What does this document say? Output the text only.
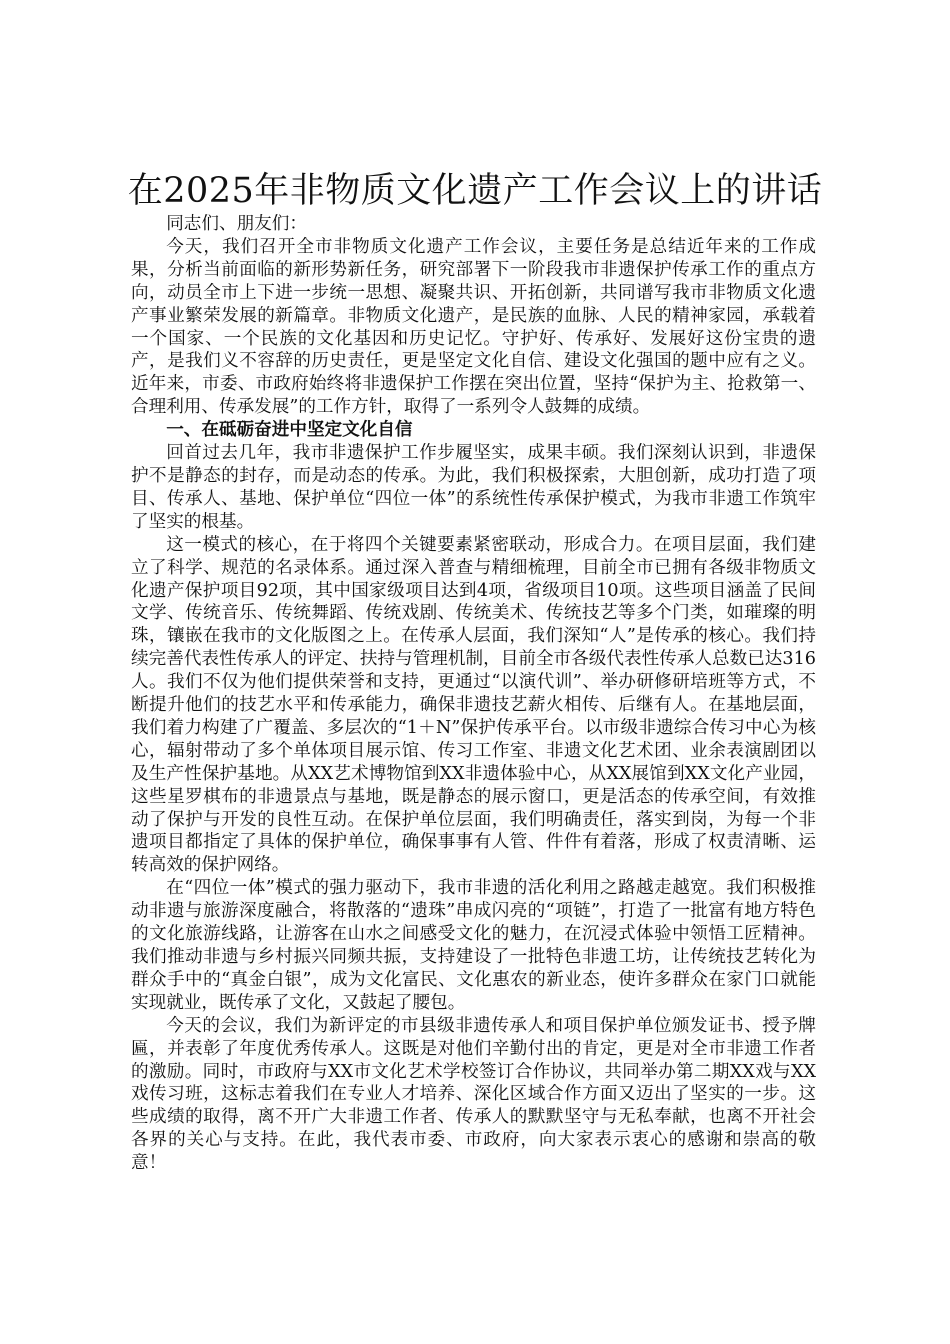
在2025年非物质文化遗产工作会议上的讲话

同志们、朋友们：

今天，我们召开全市非物质文化遗产工作会议，主要任务是总结近年来的工作成果，分析当前面临的新形势新任务，研究部署下一阶段我市非遗保护传承工作的重点方向，动员全市上下进一步统一思想、凝聚共识、开拓创新，共同谱写我市非物质文化遗产事业繁荣发展的新篇章。非物质文化遗产，是民族的血脉、人民的精神家园，承载着一个国家、一个民族的文化基因和历史记忆。守护好、传承好、发展好这份宝贵的遗产，是我们义不容辞的历史责任，更是坚定文化自信、建设文化强国的题中应有之义。近年来，市委、市政府始终将非遗保护工作摆在突出位置，坚持“保护为主、抢救第一、合理利用、传承发展”的工作方针，取得了一系列令人鼓舞的成绩。

一、在砥砺奋进中坚定文化自信

回首过去几年，我市非遗保护工作步履坚实，成果丰硕。我们深刻认识到，非遗保护不是静态的封存，而是动态的传承。为此，我们积极探索，大胆创新，成功打造了项目、传承人、基地、保护单位“四位一体”的系统性传承保护模式，为我市非遗工作筑牢了坚实的根基。

这一模式的核心，在于将四个关键要素紧密联动，形成合力。在项目层面，我们建立了科学、规范的名录体系。通过深入普查与精细梳理，目前全市已拥有各级非物质文化遗产保护项目92项，其中国家级项目达到4项，省级项目10项。这些项目涵盖了民间文学、传统音乐、传统舞蹈、传统戏剧、传统美术、传统技艺等多个门类，如璀璨的明珠，镶嵌在我市的文化版图之上。在传承人层面，我们深知“人”是传承的核心。我们持续完善代表性传承人的评定、扶持与管理机制，目前全市各级代表性传承人总数已达316人。我们不仅为他们提供荣誉和支持，更通过“以演代训”、举办研修研培班等方式，不断提升他们的技艺水平和传承能力，确保非遗技艺薪火相传、后继有人。在基地层面，我们着力构建了广覆盖、多层次的“1＋N”保护传承平台。以市级非遗综合传习中心为核心，辐射带动了多个单体项目展示馆、传习工作室、非遗文化艺术团、业余表演剧团以及生产性保护基地。从XX艺术博物馆到XX非遗体验中心，从XX展馆到XX文化产业园，这些星罗棋布的非遗景点与基地，既是静态的展示窗口，更是活态的传承空间，有效推动了保护与开发的良性互动。在保护单位层面，我们明确责任，落实到岗，为每一个非遗项目都指定了具体的保护单位，确保事事有人管、件件有着落，形成了权责清晰、运转高效的保护网络。

在“四位一体”模式的强力驱动下，我市非遗的活化利用之路越走越宽。我们积极推动非遗与旅游深度融合，将散落的“遗珠”串成闪亮的“项链”，打造了一批富有地方特色的文化旅游线路，让游客在山水之间感受文化的魅力，在沉浸式体验中领悟工匠精神。我们推动非遗与乡村振兴同频共振，支持建设了一批特色非遗工坊，让传统技艺转化为群众手中的“真金白银”，成为文化富民、文化惠农的新业态，使许多群众在家门口就能实现就业，既传承了文化，又鼓起了腰包。

今天的会议，我们为新评定的市县级非遗传承人和项目保护单位颁发证书、授予牌匾，并表彰了年度优秀传承人。这既是对他们辛勤付出的肯定，更是对全市非遗工作者的激励。同时，市政府与XX市文化艺术学校签订合作协议，共同举办第二期XX戏与XX戏传习班，这标志着我们在专业人才培养、深化区域合作方面又迈出了坚实的一步。这些成绩的取得，离不开广大非遗工作者、传承人的默默坚守与无私奉献，也离不开社会各界的关心与支持。在此，我代表市委、市政府，向大家表示衷心的感谢和崇高的敬意！
